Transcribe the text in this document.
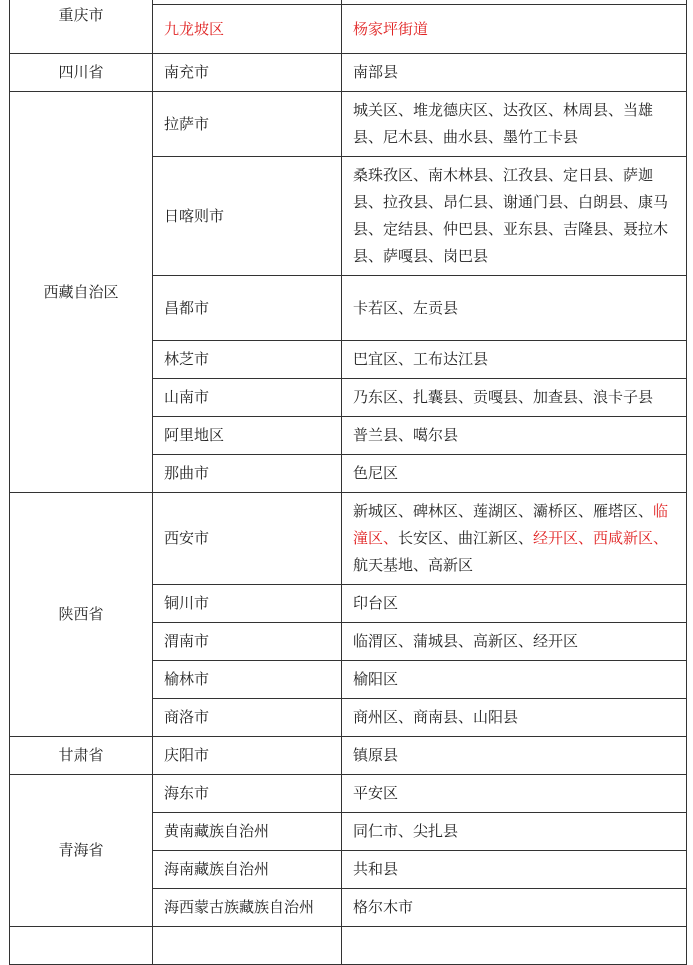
重庆市		
	九龙坡区	杨家坪街道
四川省	南充市	南部县
西藏自治区	拉萨市	城关区、堆龙德庆区、达孜区、林周县、当雄县、尼木县、曲水县、墨竹工卡县
	日喀则市	桑珠孜区、南木林县、江孜县、定日县、萨迦县、拉孜县、昂仁县、谢通门县、白朗县、康马县、定结县、仲巴县、亚东县、吉隆县、聂拉木县、萨嘎县、岗巴县
	昌都市	卡若区、左贡县
	林芝市	巴宜区、工布达江县
	山南市	乃东区、扎囊县、贡嘎县、加查县、浪卡子县
	阿里地区	普兰县、噶尔县
	那曲市	色尼区
陕西省	西安市	新城区、碑林区、莲湖区、灞桥区、雁塔区、临潼区、长安区、曲江新区、经开区、西咸新区、航天基地、高新区
	铜川市	印台区
	渭南市	临渭区、蒲城县、高新区、经开区
	榆林市	榆阳区
	商洛市	商州区、商南县、山阳县
甘肃省	庆阳市	镇原县
青海省	海东市	平安区
	黄南藏族自治州	同仁市、尖扎县
	海南藏族自治州	共和县
	海西蒙古族藏族自治州	格尔木市
